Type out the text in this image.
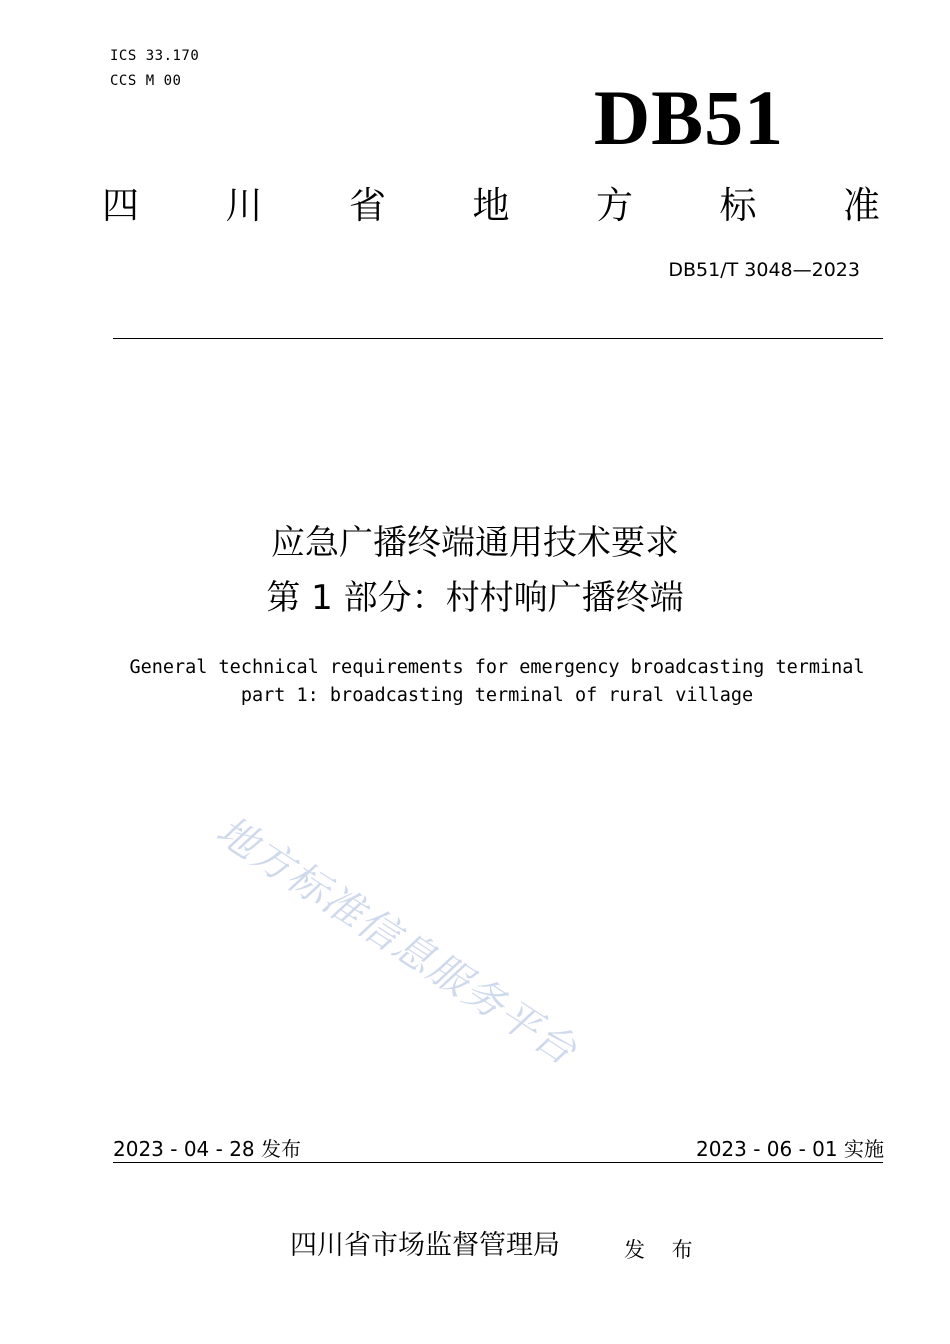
ICS 33.170
CCS M 00	DB51
四 川 省 地 方 标 准
DB51/T 3048—2023
应急广播终端通用技术要求
第 1 部分：村村响广播终端
General technical requirements for emergency broadcasting terminal
part 1: broadcasting terminal of rural village
地方标准信息服务平台
2023 - 04 - 28 发布	2023 - 06 - 01 实施
四川省市场监督管理局	发 布
